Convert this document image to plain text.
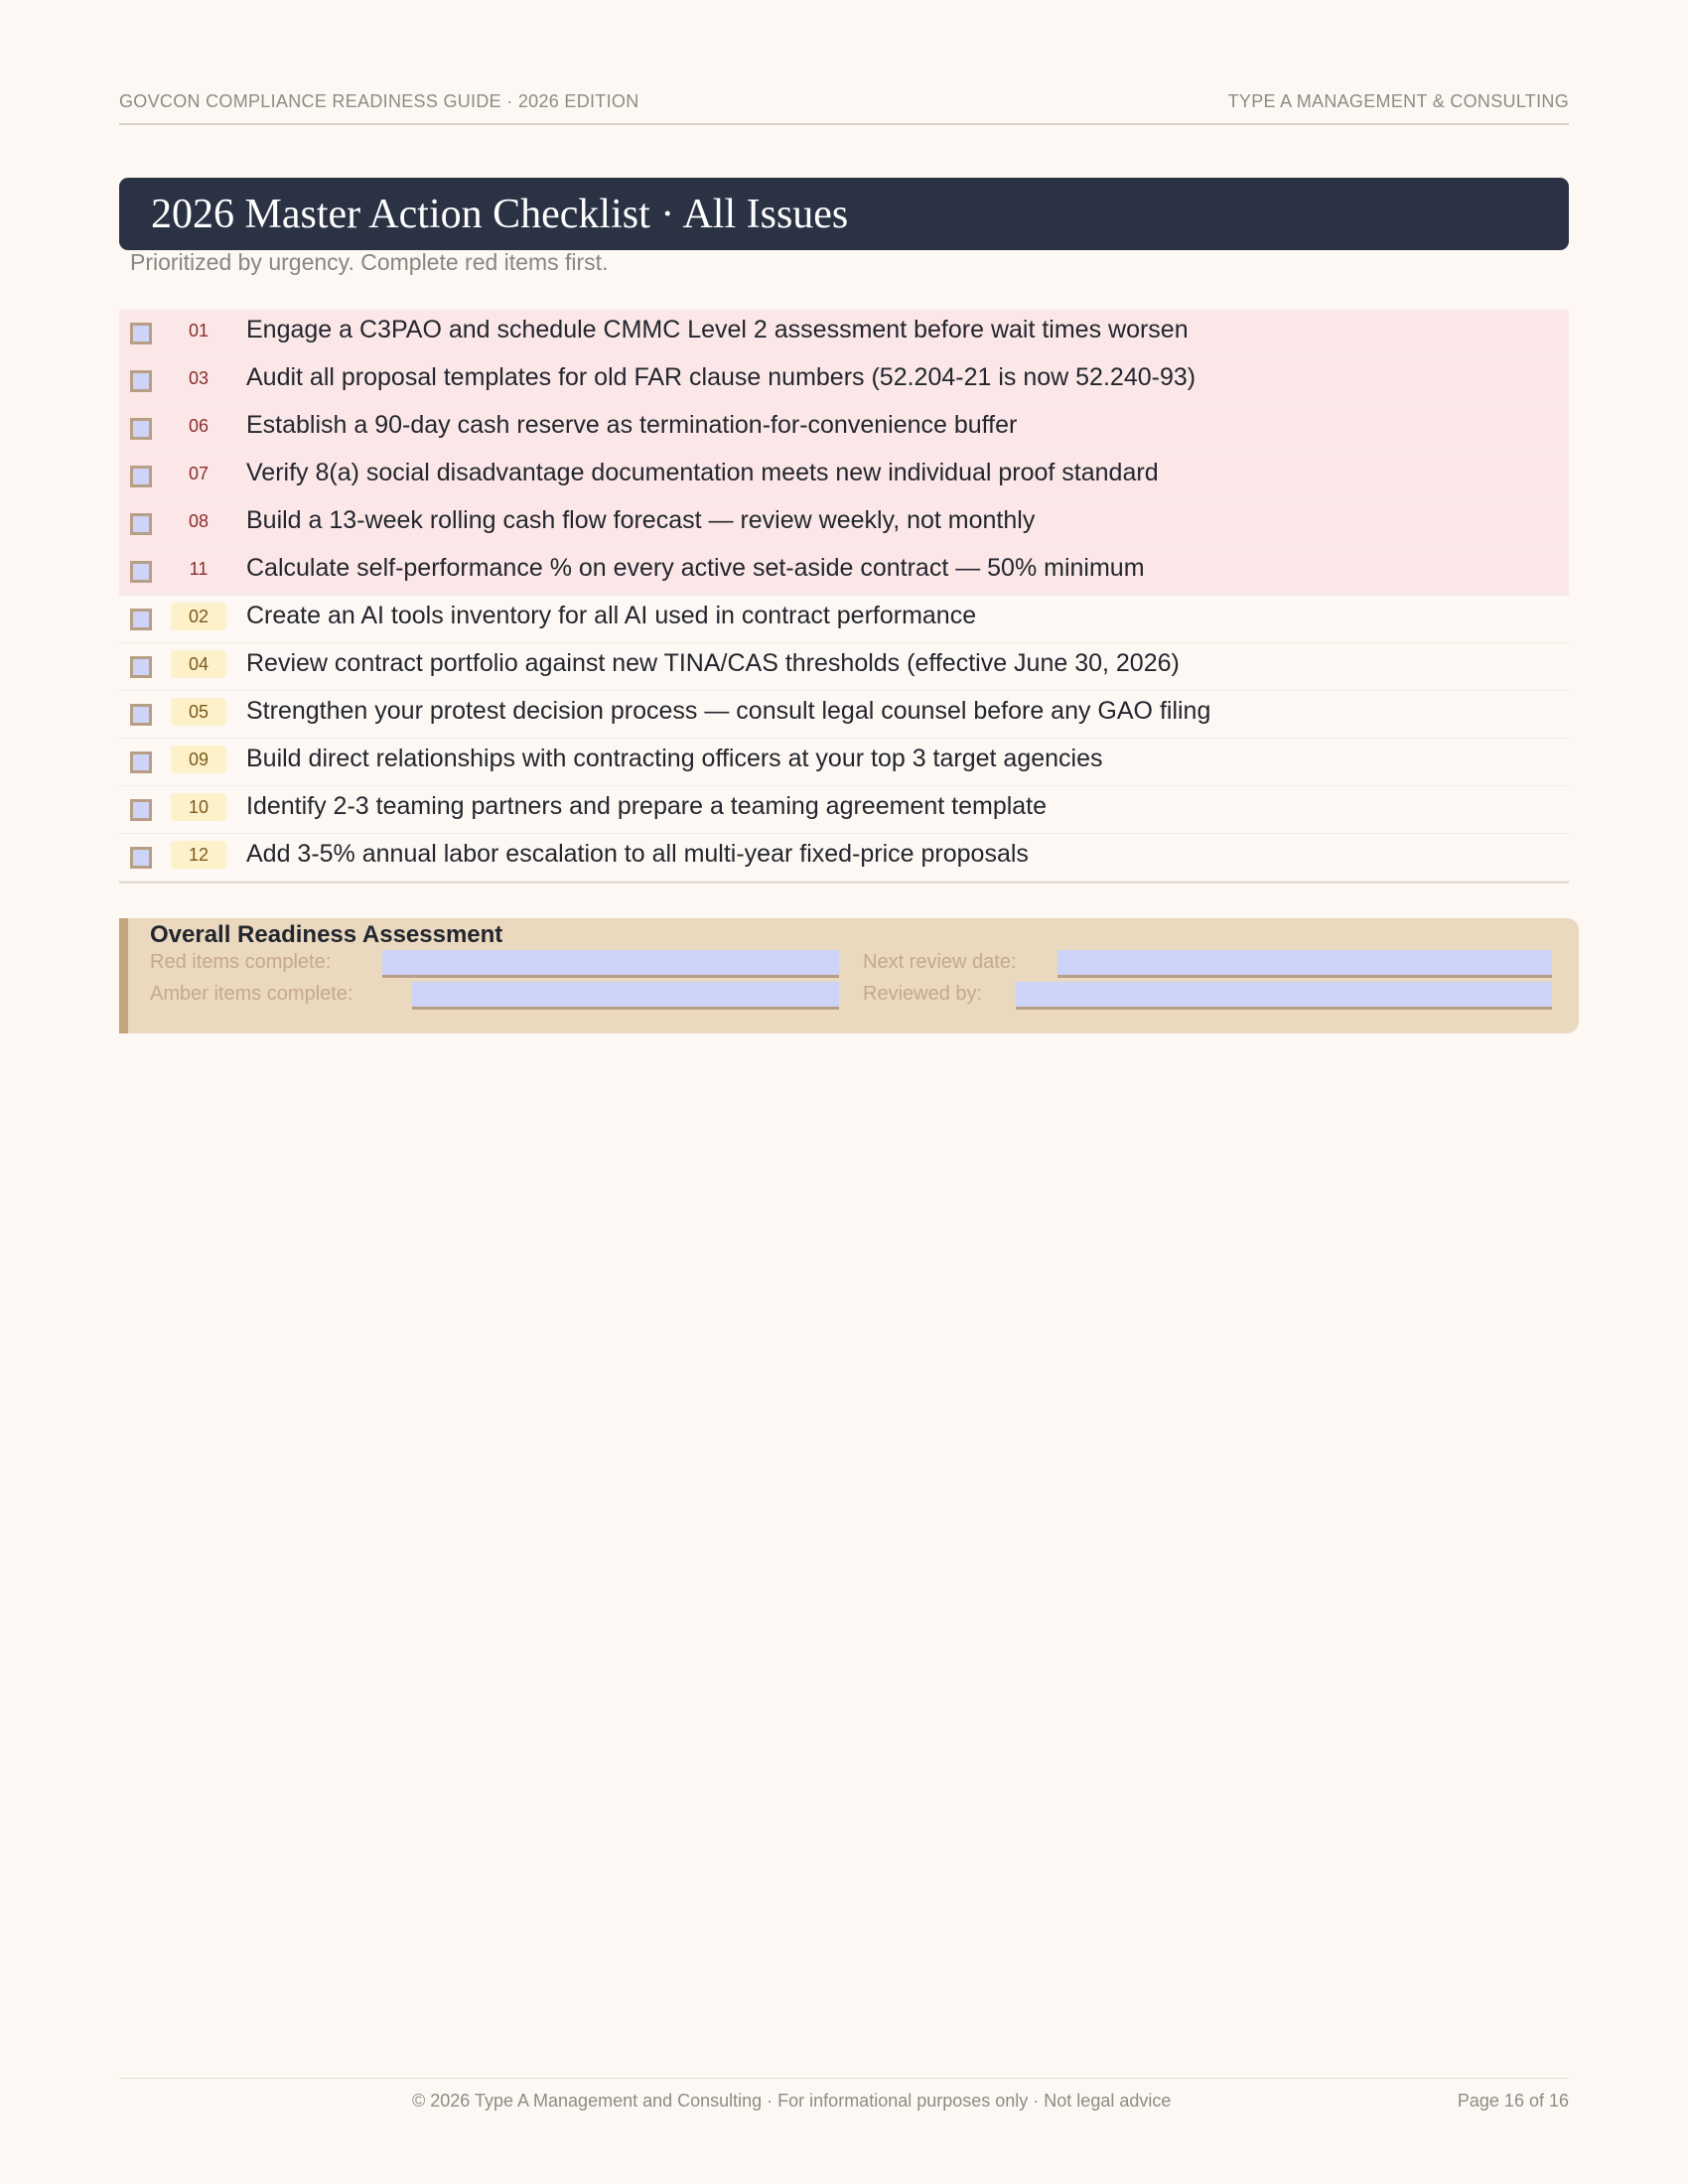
GOVCON COMPLIANCE READINESS GUIDE · 2026 EDITION	TYPE A MANAGEMENT & CONSULTING
2026 Master Action Checklist · All Issues
Prioritized by urgency. Complete red items first.
01	Engage a C3PAO and schedule CMMC Level 2 assessment before wait times worsen
03	Audit all proposal templates for old FAR clause numbers (52.204-21 is now 52.240-93)
06	Establish a 90-day cash reserve as termination-for-convenience buffer
07	Verify 8(a) social disadvantage documentation meets new individual proof standard
08	Build a 13-week rolling cash flow forecast — review weekly, not monthly
11	Calculate self-performance % on every active set-aside contract — 50% minimum
02	Create an AI tools inventory for all AI used in contract performance
04	Review contract portfolio against new TINA/CAS thresholds (effective June 30, 2026)
05	Strengthen your protest decision process — consult legal counsel before any GAO filing
09	Build direct relationships with contracting officers at your top 3 target agencies
10	Identify 2-3 teaming partners and prepare a teaming agreement template
12	Add 3-5% annual labor escalation to all multi-year fixed-price proposals
Overall Readiness Assessment
Red items complete:
Amber items complete:
Next review date:
Reviewed by:
© 2026 Type A Management and Consulting · For informational purposes only · Not legal advice	Page 16 of 16
